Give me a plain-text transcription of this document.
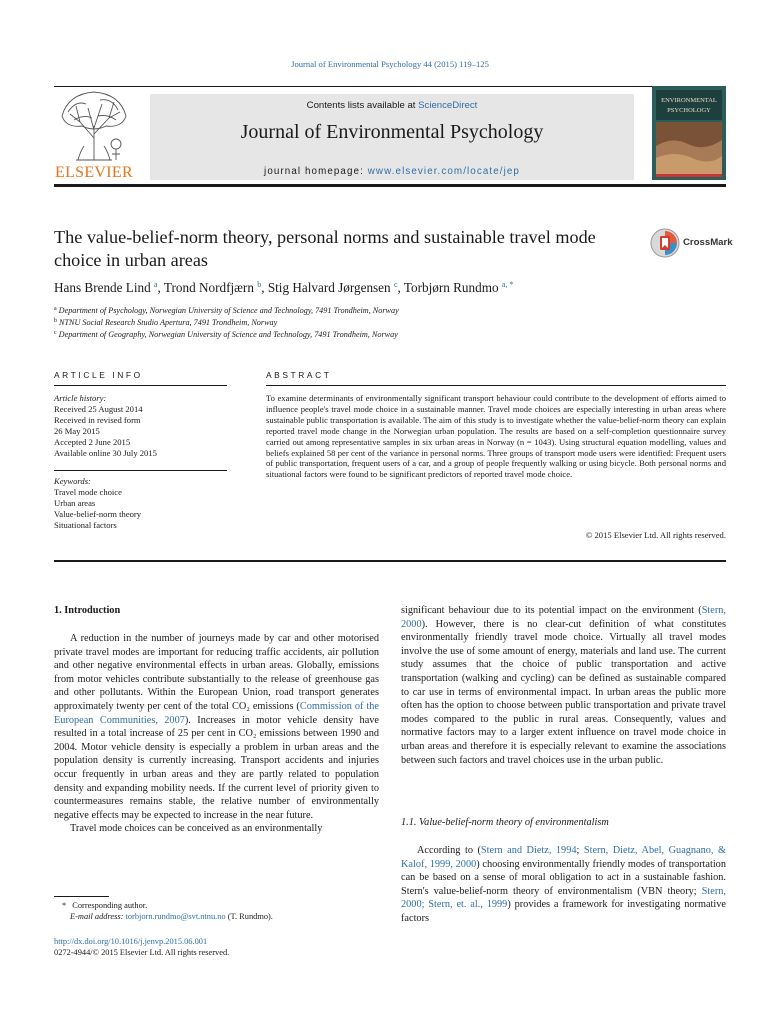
Journal of Environmental Psychology 44 (2015) 119–125
ELSEVIER
Contents lists available at ScienceDirect
Journal of Environmental Psychology
journal homepage: www.elsevier.com/locate/jep
ENVIRONMENTAL
PSYCHOLOGY
The value-belief-norm theory, personal norms and sustainable travel mode choice in urban areas
CrossMark
Hans Brende Lind $^a$, Trond Nordfjærn $^b$, Stig Halvard Jørgensen $^c$, Torbjørn Rundmo $^{a, *}$
$^a$ Department of Psychology, Norwegian University of Science and Technology, 7491 Trondheim, Norway
$^b$ NTNU Social Research Studio Apertura, 7491 Trondheim, Norway
$^c$ Department of Geography, Norwegian University of Science and Technology, 7491 Trondheim, Norway
ARTICLE INFO	ABSTRACT
Article history:
Received 25 August 2014
Received in revised form
26 May 2015
Accepted 2 June 2015
Available online 30 July 2015
Keywords:
Travel mode choice
Urban areas
Value-belief-norm theory
Situational factors
To examine determinants of environmentally significant transport behaviour could contribute to the development of efforts aimed to influence people's travel mode choice in a sustainable manner. Travel mode choices are especially interesting in urban areas where sustainable public transportation is available. The aim of this study is to investigate whether the value-belief-norm theory can explain reported travel mode change in the Norwegian urban population. The results are based on a self-completion questionnaire survey carried out among representative samples in six urban areas in Norway (n = 1043). Using structural equation modelling, values and beliefs explained 58 per cent of the variance in personal norms. Three groups of transport mode users were identified: Frequent users of public transportation, frequent users of a car, and a group of people frequently walking or using bicycle. Both personal norms and situational factors were found to be significant predictors of reported travel mode choice.
© 2015 Elsevier Ltd. All rights reserved.
1. Introduction

A reduction in the number of journeys made by car and other motorised private travel modes are important for reducing traffic accidents, air pollution and other negative environmental effects in urban areas. Globally, emissions from motor vehicles contribute substantially to the release of greenhouse gas and other pollutants. Within the European Union, road transport generates approximately twenty per cent of the total CO₂ emissions (Commission of the European Communities, 2007). Increases in motor vehicle density have resulted in a total increase of 25 per cent in CO₂ emissions between 1990 and 2004. Motor vehicle density is especially a problem in urban areas and the population density is currently increasing. Transport accidents and injuries occur frequently in urban areas and they are partly related to population density and expanding mobility needs. If the current level of priority given to countermeasures remains stable, the relative number of environmentally negative effects may be expected to increase in the near future.

Travel mode choices can be conceived as an environmentally

significant behaviour due to its potential impact on the environment (Stern, 2000). However, there is no clear-cut definition of what constitutes environmentally friendly travel mode choice. Virtually all travel modes involve the use of some amount of energy, materials and land use. The current study assumes that the choice of public transportation and active transportation (walking and cycling) can be defined as sustainable compared to car use in terms of environmental impact. In urban areas the public more often has the option to choose between public transportation and private travel modes compared to the public in rural areas. Consequently, values and normative factors may to a larger extent influence on travel mode choice in urban areas and therefore it is especially relevant to examine the associations between such factors and travel choices use in the urban public.

1.1. Value-belief-norm theory of environmentalism

According to (Stern and Dietz, 1994; Stern, Dietz, Abel, Guagnano, & Kalof, 1999, 2000) choosing environmentally friendly modes of transportation can be based on a sense of moral obligation to act in a sustainable fashion. Stern's value-belief-norm theory of environmentalism (VBN theory; Stern, 2000; Stern, et. al., 1999) provides a framework for investigating normative factors

* Corresponding author.
E-mail address: torbjorn.rundmo@svt.ntnu.no (T. Rundmo).
http://dx.doi.org/10.1016/j.jenvp.2015.06.001
0272-4944/© 2015 Elsevier Ltd. All rights reserved.
